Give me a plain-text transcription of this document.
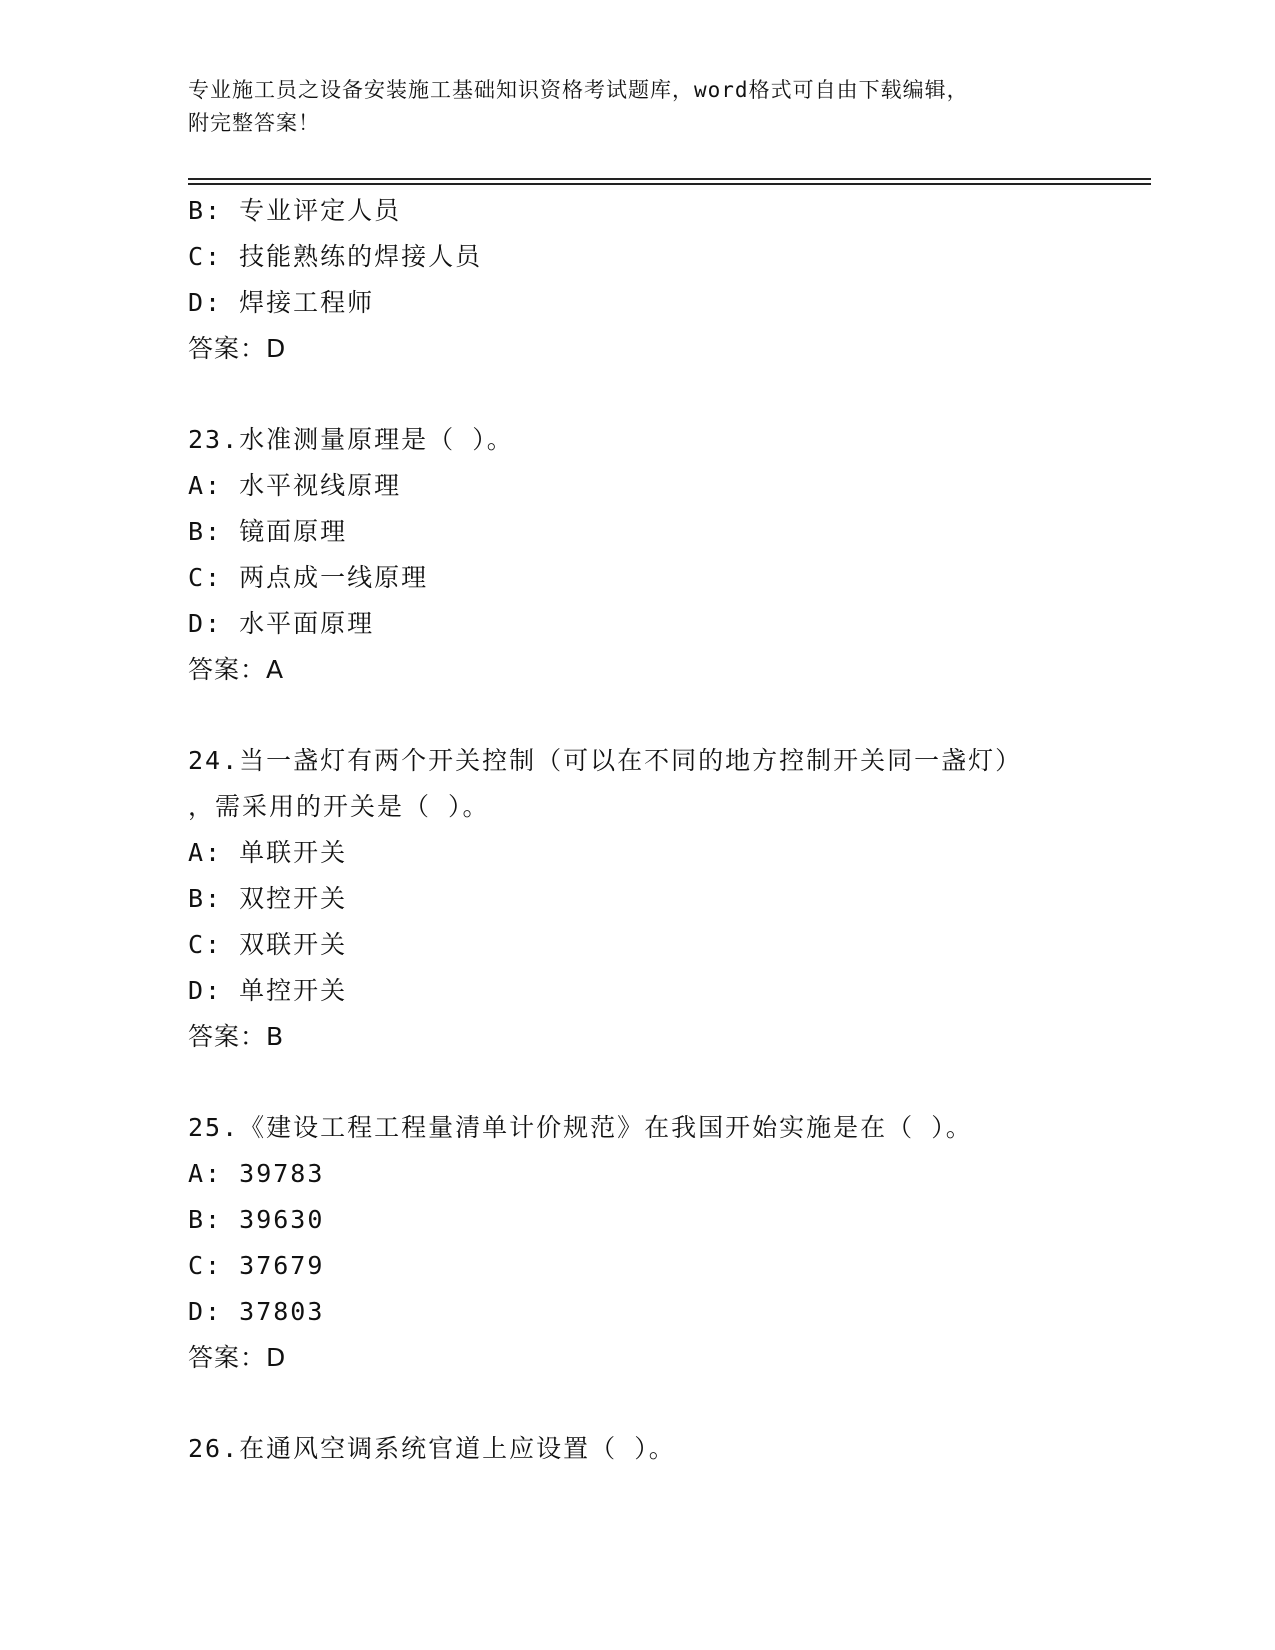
专业施工员之设备安装施工基础知识资格考试题库，word格式可自由下载编辑，
附完整答案！
B: 专业评定人员
C: 技能熟练的焊接人员
D: 焊接工程师
答案：D
23.水准测量原理是（ ）。
A: 水平视线原理
B: 镜面原理
C: 两点成一线原理
D: 水平面原理
答案：A
24.当一盏灯有两个开关控制（可以在不同的地方控制开关同一盏灯）
，需采用的开关是（ ）。
A: 单联开关
B: 双控开关
C: 双联开关
D: 单控开关
答案：B
25.《建设工程工程量清单计价规范》在我国开始实施是在（ ）。
A: 39783
B: 39630
C: 37679
D: 37803
答案：D
26.在通风空调系统官道上应设置（ ）。
